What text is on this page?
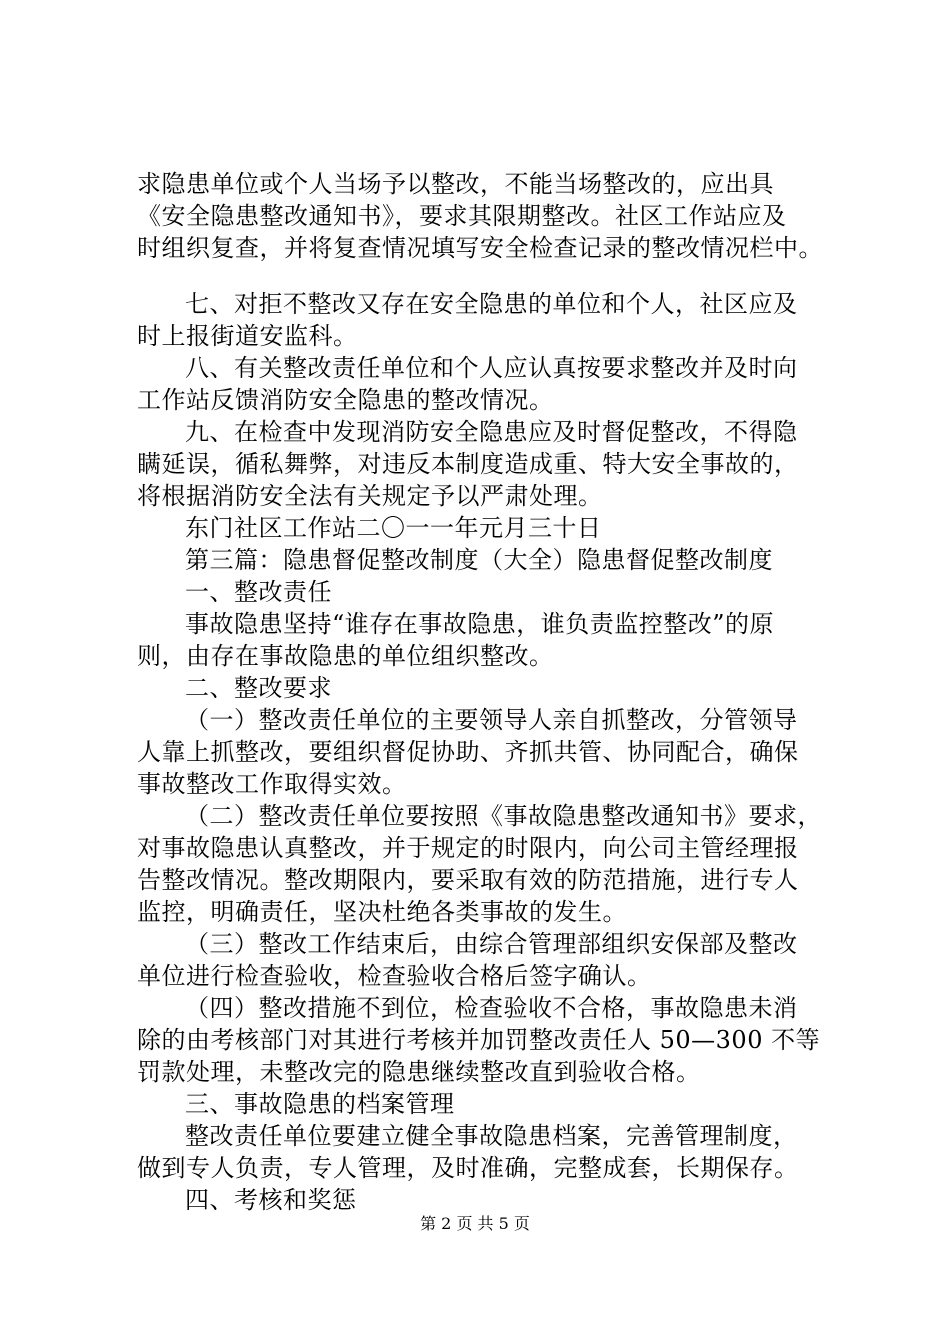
求隐患单位或个人当场予以整改，不能当场整改的，应出具
《安全隐患整改通知书》，要求其限期整改。社区工作站应及
时组织复查，并将复查情况填写安全检查记录的整改情况栏中。
七、对拒不整改又存在安全隐患的单位和个人，社区应及
时上报街道安监科。
八、有关整改责任单位和个人应认真按要求整改并及时向
工作站反馈消防安全隐患的整改情况。
九、在检查中发现消防安全隐患应及时督促整改，不得隐
瞒延误，循私舞弊，对违反本制度造成重、特大安全事故的，
将根据消防安全法有关规定予以严肃处理。
东门社区工作站二〇一一年元月三十日
第三篇：隐患督促整改制度（大全）隐患督促整改制度
一、整改责任
事故隐患坚持“谁存在事故隐患，谁负责监控整改”的原
则，由存在事故隐患的单位组织整改。
二、整改要求
（一）整改责任单位的主要领导人亲自抓整改，分管领导
人靠上抓整改，要组织督促协助、齐抓共管、协同配合，确保
事故整改工作取得实效。
（二）整改责任单位要按照《事故隐患整改通知书》要求，
对事故隐患认真整改，并于规定的时限内，向公司主管经理报
告整改情况。整改期限内，要采取有效的防范措施，进行专人
监控，明确责任，坚决杜绝各类事故的发生。
（三）整改工作结束后，由综合管理部组织安保部及整改
单位进行检查验收，检查验收合格后签字确认。
（四）整改措施不到位，检查验收不合格，事故隐患未消
除的由考核部门对其进行考核并加罚整改责任人 50—300 不等
罚款处理，未整改完的隐患继续整改直到验收合格。
三、事故隐患的档案管理
整改责任单位要建立健全事故隐患档案，完善管理制度，
做到专人负责，专人管理，及时准确，完整成套，长期保存。
四、考核和奖惩
第 2 页 共 5 页
